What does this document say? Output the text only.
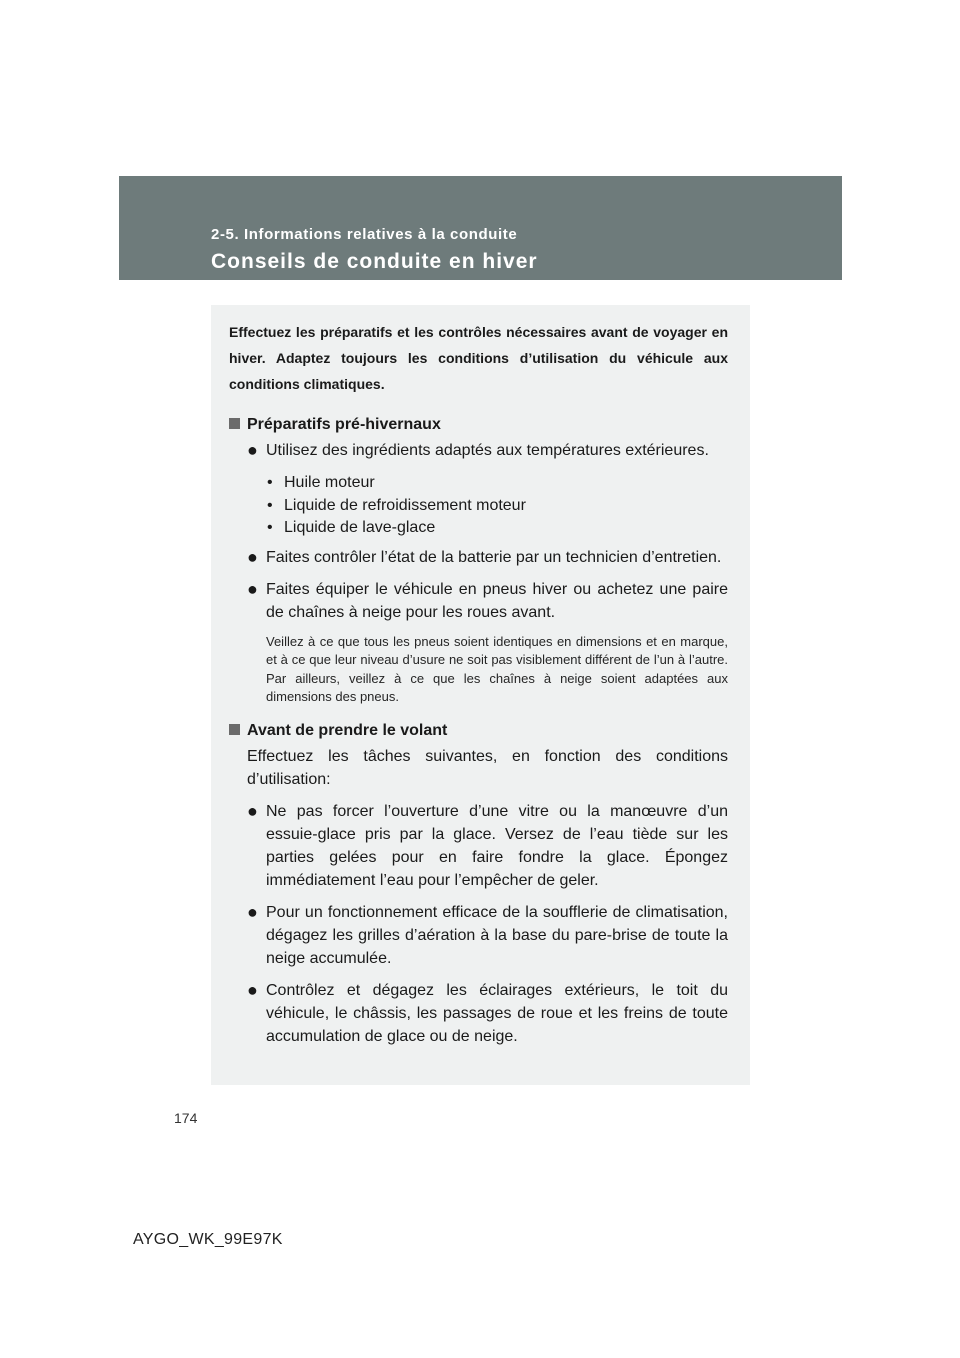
2-5. Informations relatives à la conduite
Conseils de conduite en hiver

Effectuez les préparatifs et les contrôles nécessaires avant de voyager en hiver. Adaptez toujours les conditions d’utilisation du véhicule aux conditions climatiques.

Préparatifs pré-hivernaux
● Utilisez des ingrédients adaptés aux températures extérieures.
• Huile moteur
• Liquide de refroidissement moteur
• Liquide de lave-glace
● Faites contrôler l’état de la batterie par un technicien d’entretien.
● Faites équiper le véhicule en pneus hiver ou achetez une paire de chaînes à neige pour les roues avant.
Veillez à ce que tous les pneus soient identiques en dimensions et en marque, et à ce que leur niveau d’usure ne soit pas visiblement différent de l’un à l’autre. Par ailleurs, veillez à ce que les chaînes à neige soient adaptées aux dimensions des pneus.
Avant de prendre le volant
Effectuez les tâches suivantes, en fonction des conditions d’utilisation:
● Ne pas forcer l’ouverture d’une vitre ou la manœuvre d’un essuie-glace pris par la glace. Versez de l’eau tiède sur les parties gelées pour en faire fondre la glace. Épongez immédiatement l’eau pour l’empêcher de geler.
● Pour un fonctionnement efficace de la soufflerie de climatisation, dégagez les grilles d’aération à la base du pare-brise de toute la neige accumulée.
● Contrôlez et dégagez les éclairages extérieurs, le toit du véhicule, le châssis, les passages de roue et les freins de toute accumulation de glace ou de neige.
174
AYGO_WK_99E97K
